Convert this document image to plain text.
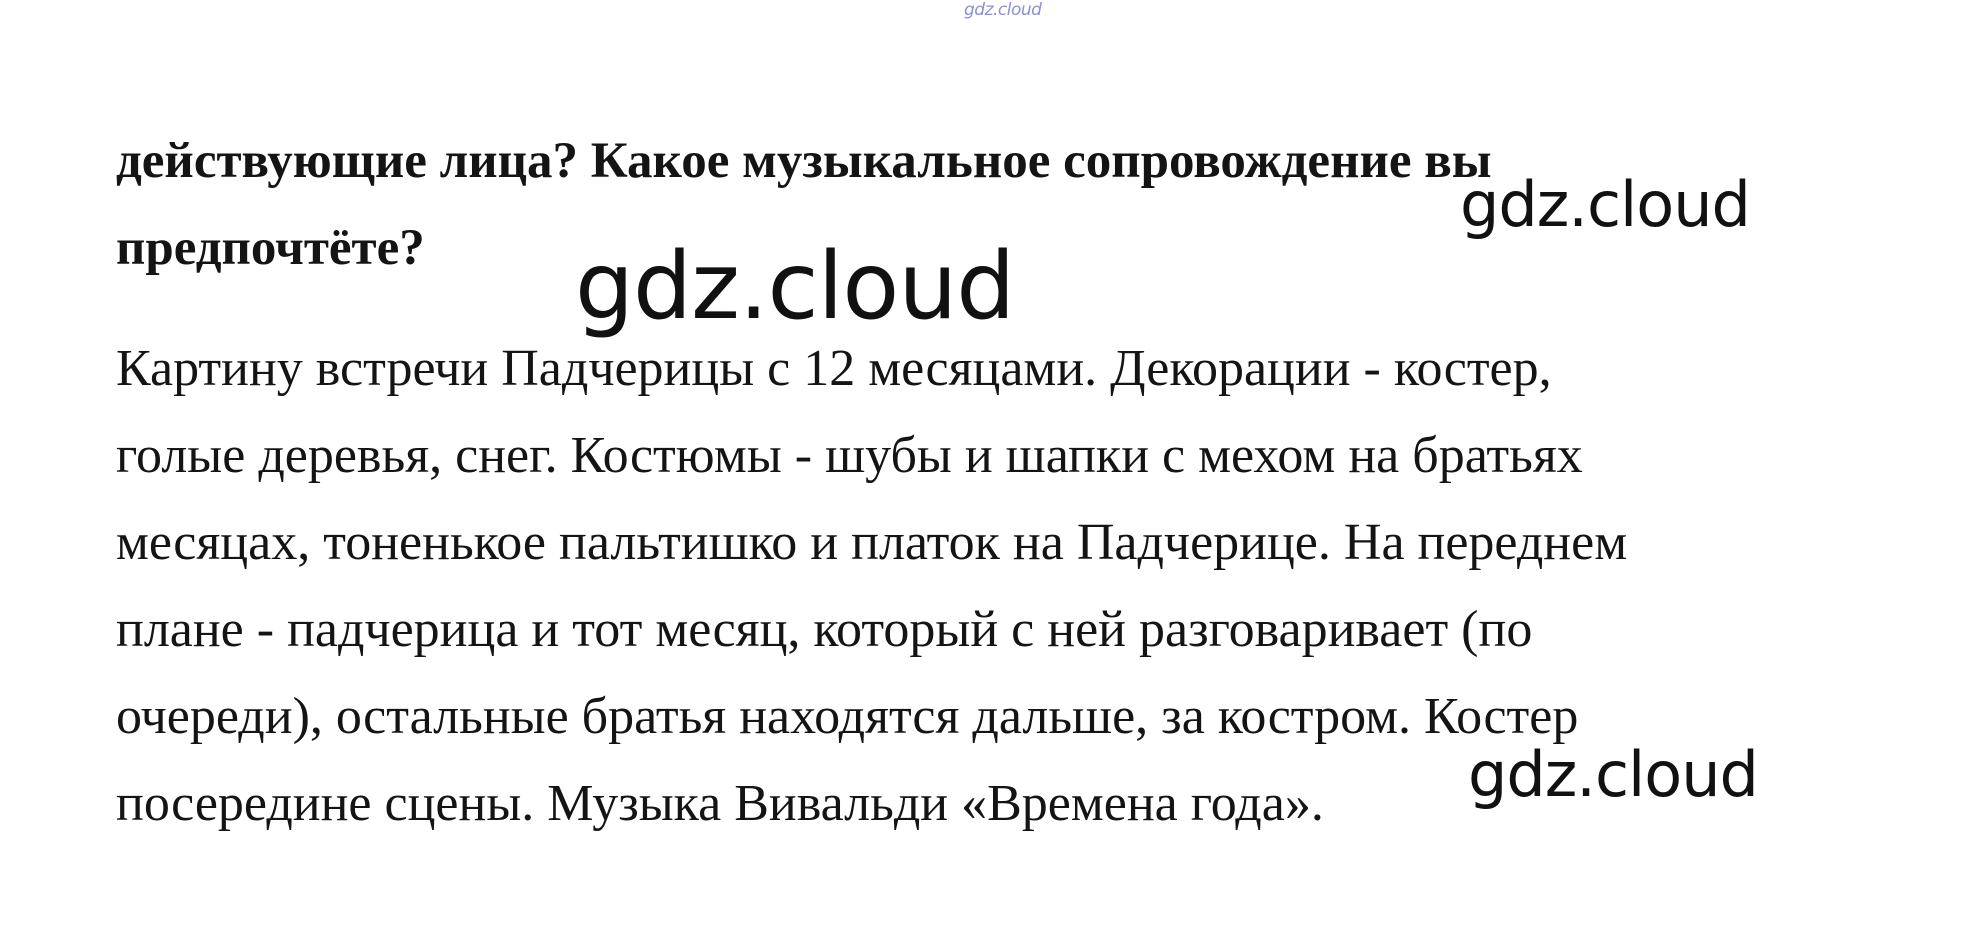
gdz.cloud
действующие лица? Какое музыкальное сопровождение вы
предпочтёте?
Картину встречи Падчерицы с 12 месяцами. Декорации - костер,
голые деревья, снег. Костюмы - шубы и шапки с мехом на братьях
месяцах, тоненькое пальтишко и платок на Падчерице. На переднем
плане - падчерица и тот месяц, который с ней разговаривает (по
очереди), остальные братья находятся дальше, за костром. Костер
посередине сцены. Музыка Вивальди «Времена года».
gdz.cloud
gdz.cloud
gdz.cloud
